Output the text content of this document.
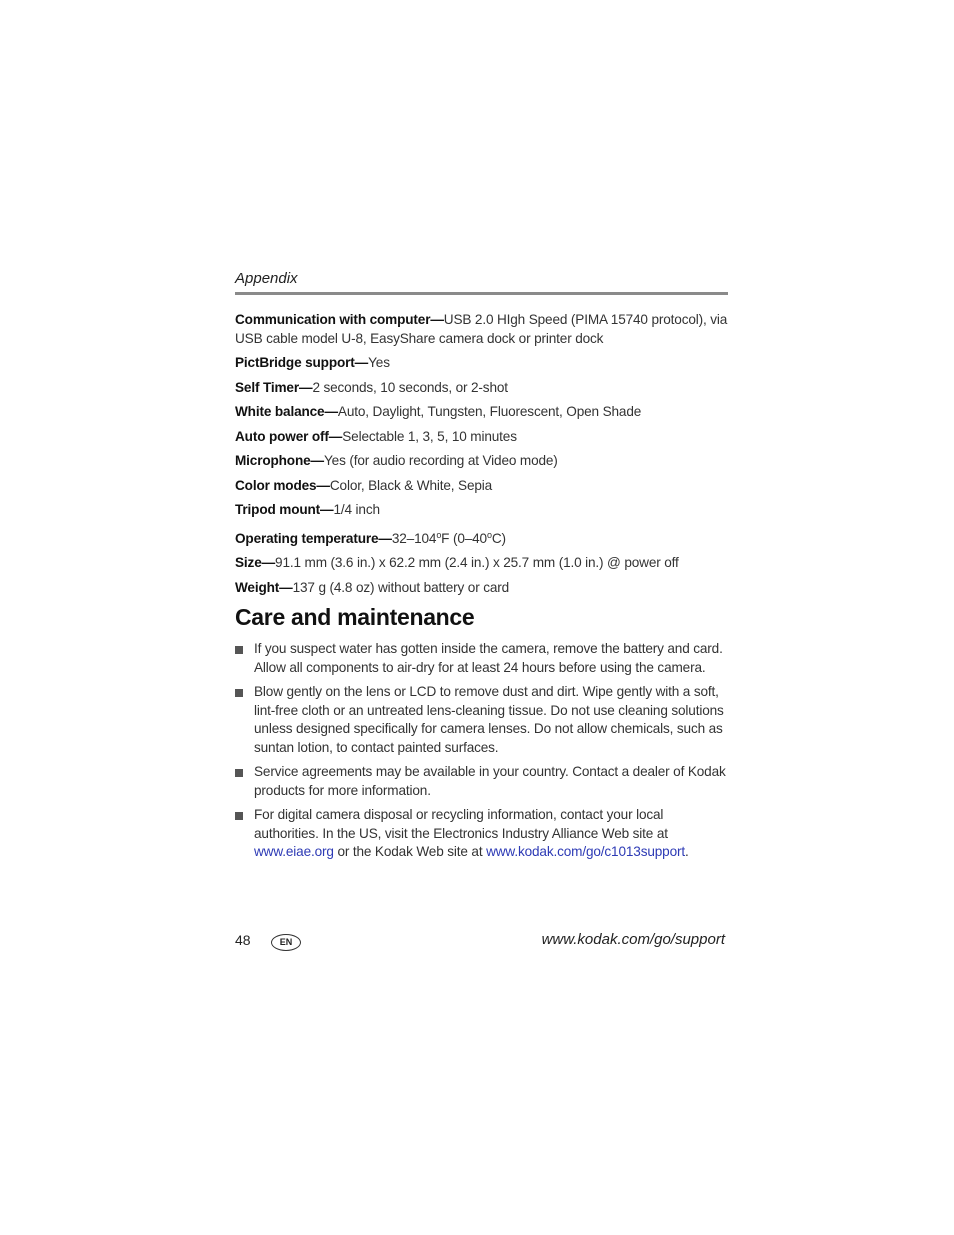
Appendix

Communication with computer—USB 2.0 HIgh Speed (PIMA 15740 protocol), via USB cable model U-8, EasyShare camera dock or printer dock

PictBridge support—Yes

Self Timer—2 seconds, 10 seconds, or 2-shot

White balance—Auto, Daylight, Tungsten, Fluorescent, Open Shade

Auto power off—Selectable 1, 3, 5, 10 minutes

Microphone—Yes (for audio recording at Video mode)

Color modes—Color, Black & White, Sepia

Tripod mount—1/4 inch

Operating temperature—32–104$^o$F (0–40$^o$C)

Size—91.1 mm (3.6 in.) x 62.2 mm (2.4 in.) x 25.7 mm (1.0 in.) @ power off

Weight—137 g (4.8 oz) without battery or card

Care and maintenance
If you suspect water has gotten inside the camera, remove the battery and card. Allow all components to air-dry for at least 24 hours before using the camera.
Blow gently on the lens or LCD to remove dust and dirt. Wipe gently with a soft, lint-free cloth or an untreated lens-cleaning tissue. Do not use cleaning solutions unless designed specifically for camera lenses. Do not allow chemicals, such as suntan lotion, to contact painted surfaces.
Service agreements may be available in your country. Contact a dealer of Kodak products for more information.
For digital camera disposal or recycling information, contact your local authorities. In the US, visit the Electronics Industry Alliance Web site at www.eiae.org or the Kodak Web site at www.kodak.com/go/c1013support.
48	EN	www.kodak.com/go/support
